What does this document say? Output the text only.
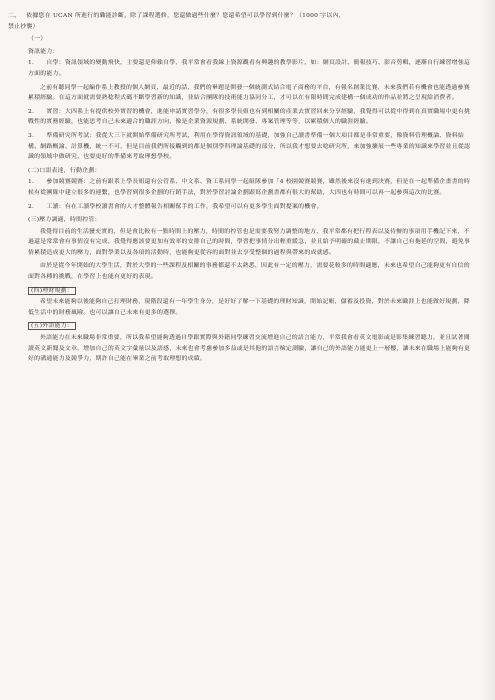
二、 依據您在 UCAN 所進行的職能診斷，除了課程選修，您還做過些什麼？您還希望可以學習到什麼？（1000 字以內，
禁止抄襲）
（一）
資訊能力：

1.　　自學：資訊領域的變動飛快，主要還是仰賴自學，我平常會看我線上資源觀看有興趣的教學影片，如：網頁設計、簡報技巧、影音剪輯，逐漸自行練習增強這方面的能力。

之前有聽同學一起編作系上教授的個人網頁，最近的話，我們的畢題是開發一個統測式結合電子商務的平台，有報名創業比賽，未來我們若有機會也能透過參賽累積經驗。在這方面就需要熟稔程式碼不斷學習新的知識，並結合團隊的技術能力協同分工，才可以在有限時間完成建構一個成功的作品並將之呈現給消費者。

2.　　實習：大四系上有提供校外實習的機會，進能申請實習學分，有很多學長姐也有到相關的產業去實習回來分享經驗，我覺得可以從中得到在真實職場中更有挑戰性的實務經驗，也能思考自己未來適合的職涯方向，像是企業資源規劃、系統開發、專案管理等等，以累積個人的職涯經驗。

3.　　準備研究所考試：我從大三下就開始準備研究所考試，利用在學得資訊領域的基礎，加強自己讀書準備一個大項目都是非常重要，像資料管理概論、資料結構、網路概論、計算機，統一不可，但是目前我們所接觸到的都是個別學科理論基礎的部分，所以我才想要去唸研究所，來加強擴展一些專業的知識來學習並且從認識的領域中做研究，也要更好的準備來考取理想學校。

(二)口語表達，行動企劃：

1.　　參加競賽競賽：之前有跟系上學長姐還有公管系、中文系、資工系同學一起組隊參加「4 校園競賽競賽，雖然後來沒有進到決賽，但是在一起準備企畫書的時候有從團隊中建立很多的連繫，也學習到很多企劃的行銷手法，對於學習討論企劃跟寫企劃書都有很大的幫助，大四也有時間可以再一起參與這次的比賽。

2.　　工讀：有在工讀學校讀書會的人才整體報告相關幫手的工作，我希望可以有更多學生面對提案的機會。

(三)壓力調適，時間控管：

我覺得目前的生活蠻充實的，但是會比較有一點時間上的壓力，時間的控管也是需要我努力調整的地方，我平常都有把行程表以及待辦的事項用手機記下來，不過還是常常會有事情沒有完成，我覺得應該要更加有效率的安排自己的時間，學習把事情分出輕重緩急，並且給予明確的截止期限，不讓自己有拖延的空間，避免事情累積造成更大的壓力，面對學業以及各項的活動時，也能夠更從容的面對並去享受整個的過程與帶來的成就感。

由於是從今年開始的大學生活，對於大學的一些課程及相關的事務都還不太熟悉，因此有一定的壓力，需要花較多的時間適應，未來也希望自己能夠更有自信的面對各種的挑戰，在學習上也能有更好的表現。

(四)理財規劃：

希望未來能夠以後能夠自己打理財務，現階段還有一年學生身分，是好好了解一下基礎的理財知識，開始記帳，儲蓄及投資，對於未來職涯上也能做好規劃，降低生活中的財務風險。也可以讓自己未來有更多的選擇。

(五)外語能力：

外語能力在未來職場非常重要，所以我希望能夠透過自學跟實際與外籍同學練習交流增進自己的語言能力，平常我會看英文電影或是影集練習聽力，並且試著閱讀英文新聞及文章，增加自己的英文字彙量以及語感，未來也會考慮參加多益或是其他的語言檢定測驗，讓自己的外語能力能更上一層樓，讓未來在職場上能夠有更好的溝通能力及競爭力，期許自己能在畢業之前考取理想的成績。
